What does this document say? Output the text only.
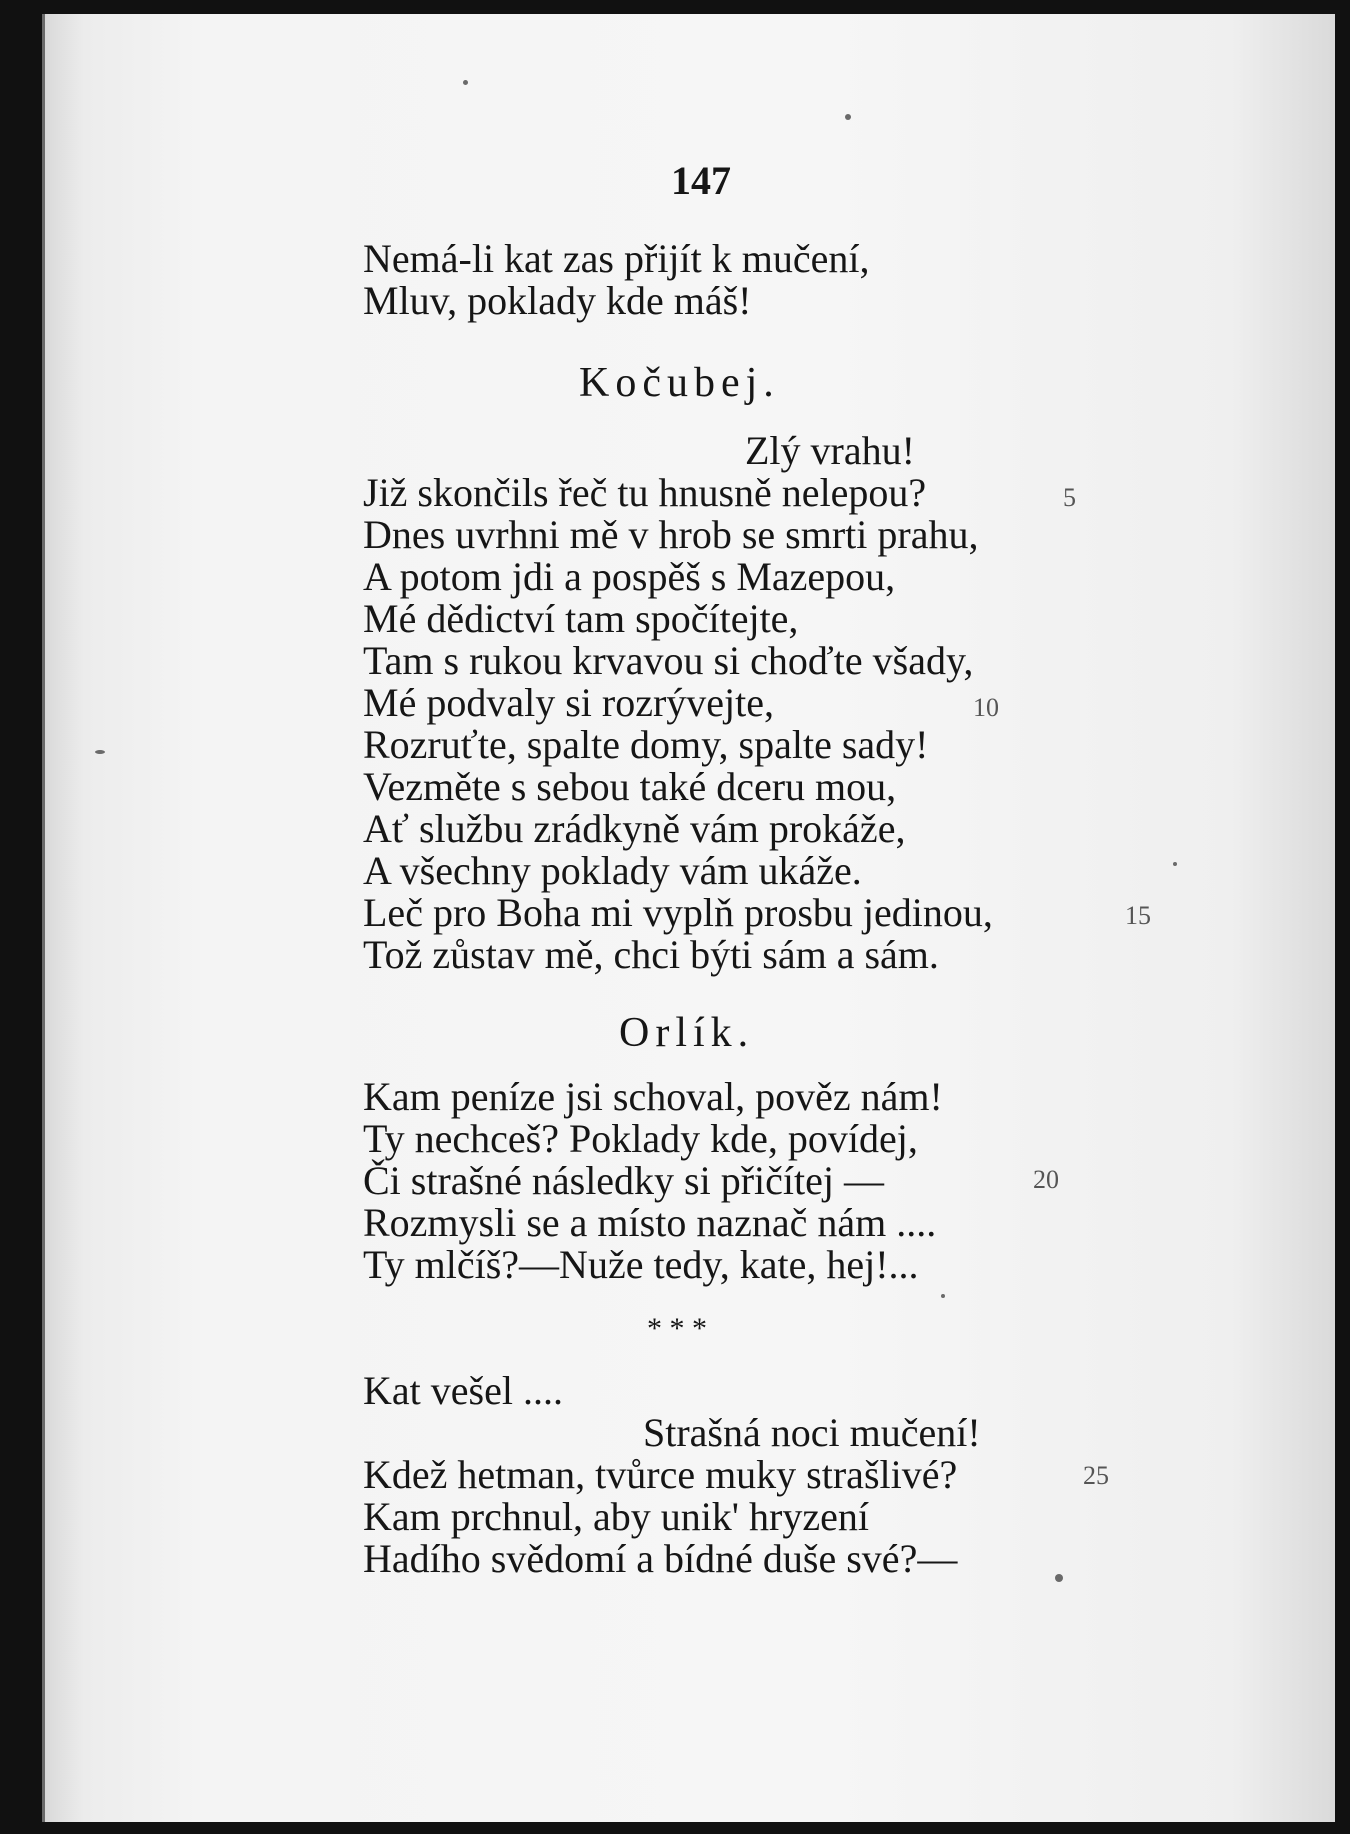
147
Nemá-li kat zas přijít k mučení,
Mluv, poklady kde máš!
Kočubej.
Zlý vrahu!
Již skončils řeč tu hnusně nelepou?
Dnes uvrhni mě v hrob se smrti prahu,
A potom jdi a pospěš s Mazepou,
Mé dědictví tam spočítejte,
Tam s rukou krvavou si choďte všady,
Mé podvaly si rozrývejte,
Rozruťte, spalte domy, spalte sady!
Vezměte s sebou také dceru mou,
Ať službu zrádkyně vám prokáže,
A všechny poklady vám ukáže.
Leč pro Boha mi vyplň prosbu jedinou,
Tož zůstav mě, chci býti sám a sám.
Orlík.
Kam peníze jsi schoval, pověz nám!
Ty nechceš? Poklady kde, povídej,
Či strašné následky si přičítej —
Rozmysli se a místo naznač nám ....
Ty mlčíš?—Nuže tedy, kate, hej!...
* * *
Kat vešel ....
Strašná noci mučení!
Kdež hetman, tvůrce muky strašlivé?
Kam prchnul, aby unik' hryzení
Hadího svědomí a bídné duše své?—
5
10
15
20
25
